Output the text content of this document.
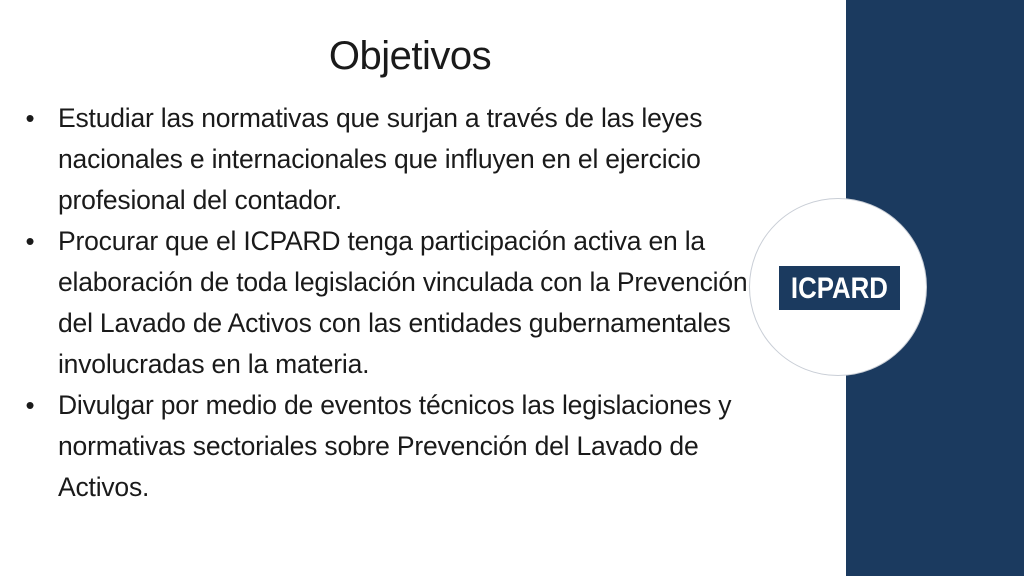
Objetivos
• Estudiar las normativas que surjan a través de las leyes nacionales e internacionales que influyen en el ejercicio profesional del contador.
• Procurar que el ICPARD tenga participación activa en la elaboración de toda legislación vinculada con la Prevención del Lavado de Activos con las entidades gubernamentales involucradas en la materia.
• Divulgar por medio de eventos técnicos las legislaciones y normativas sectoriales sobre Prevención del Lavado de Activos.
ICPARD
